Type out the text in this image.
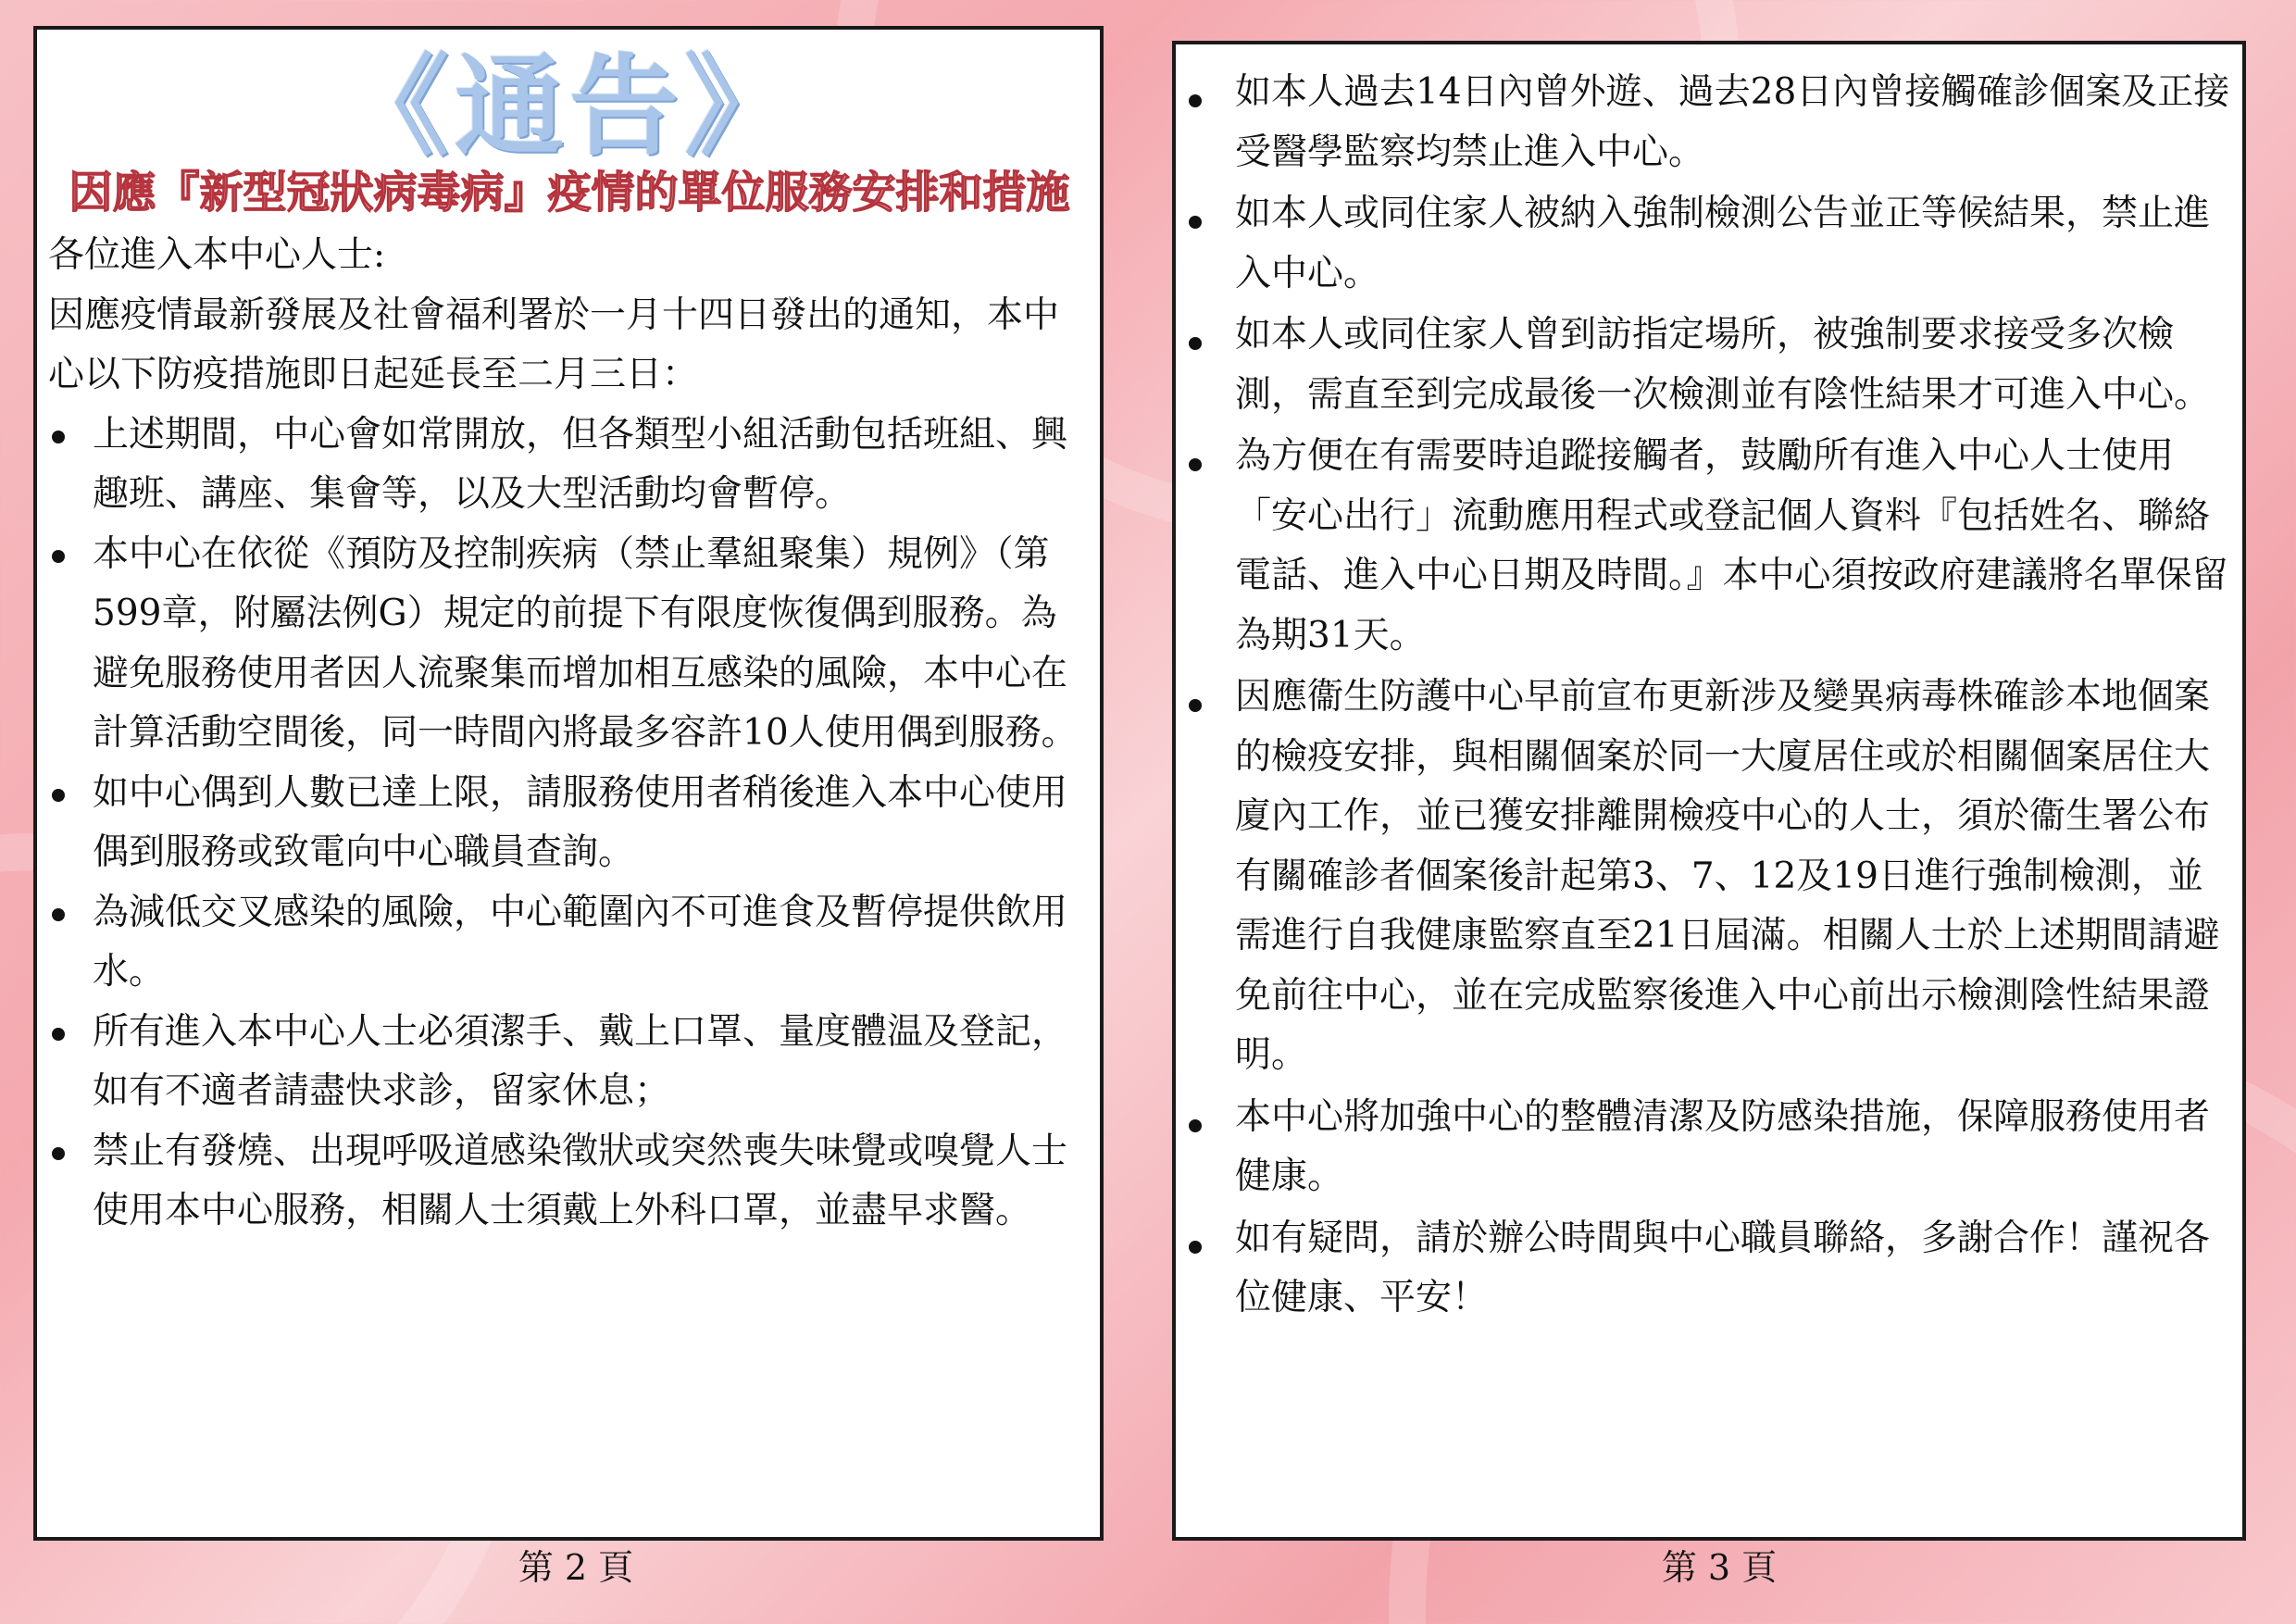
《通告》
因應『新型冠狀病毒病』疫情的單位服務安排和措施

各位進入本中心人士:

因應疫情最新發展及社會福利署於一月十四日發出的通知，本中心以下防疫措施即日起延長至二月三日：

上述期間，中心會如常開放，但各類型小組活動包括班組、興趣班、講座、集會等，以及大型活動均會暫停。
本中心在依從《預防及控制疾病（禁止羣組聚集）規例》（第599章，附屬法例G）規定的前提下有限度恢復偶到服務。為避免服務使用者因人流聚集而增加相互感染的風險，本中心在計算活動空間後，同一時間內將最多容許10人使用偶到服務。
如中心偶到人數已達上限，請服務使用者稍後進入本中心使用偶到服務或致電向中心職員查詢。
為減低交叉感染的風險，中心範圍內不可進食及暫停提供飲用水。
所有進入本中心人士必須潔手、戴上口罩、量度體温及登記，如有不適者請盡快求診，留家休息；
禁止有發燒、出現呼吸道感染徵狀或突然喪失味覺或嗅覺人士使用本中心服務，相關人士須戴上外科口罩，並盡早求醫。
如本人過去14日內曾外遊、過去28日內曾接觸確診個案及正接受醫學監察均禁止進入中心。
如本人或同住家人被納入強制檢測公告並正等候結果，禁止進入中心。
如本人或同住家人曾到訪指定場所，被強制要求接受多次檢測，需直至到完成最後一次檢測並有陰性結果才可進入中心。
為方便在有需要時追蹤接觸者，鼓勵所有進入中心人士使用「安心出行」流動應用程式或登記個人資料『包括姓名、聯絡電話、進入中心日期及時間。』本中心須按政府建議將名單保留為期31天。
因應衞生防護中心早前宣布更新涉及變異病毒株確診本地個案的檢疫安排，與相關個案於同一大廈居住或於相關個案居住大廈內工作，並已獲安排離開檢疫中心的人士，須於衞生署公布有關確診者個案後計起第3、7、12及19日進行強制檢測，並需進行自我健康監察直至21日屆滿。相關人士於上述期間請避免前往中心，並在完成監察後進入中心前出示檢測陰性結果證明。
本中心將加強中心的整體清潔及防感染措施，保障服務使用者健康。
如有疑問，請於辦公時間與中心職員聯絡，多謝合作！謹祝各位健康、平安！
第 2 頁	第 3 頁
